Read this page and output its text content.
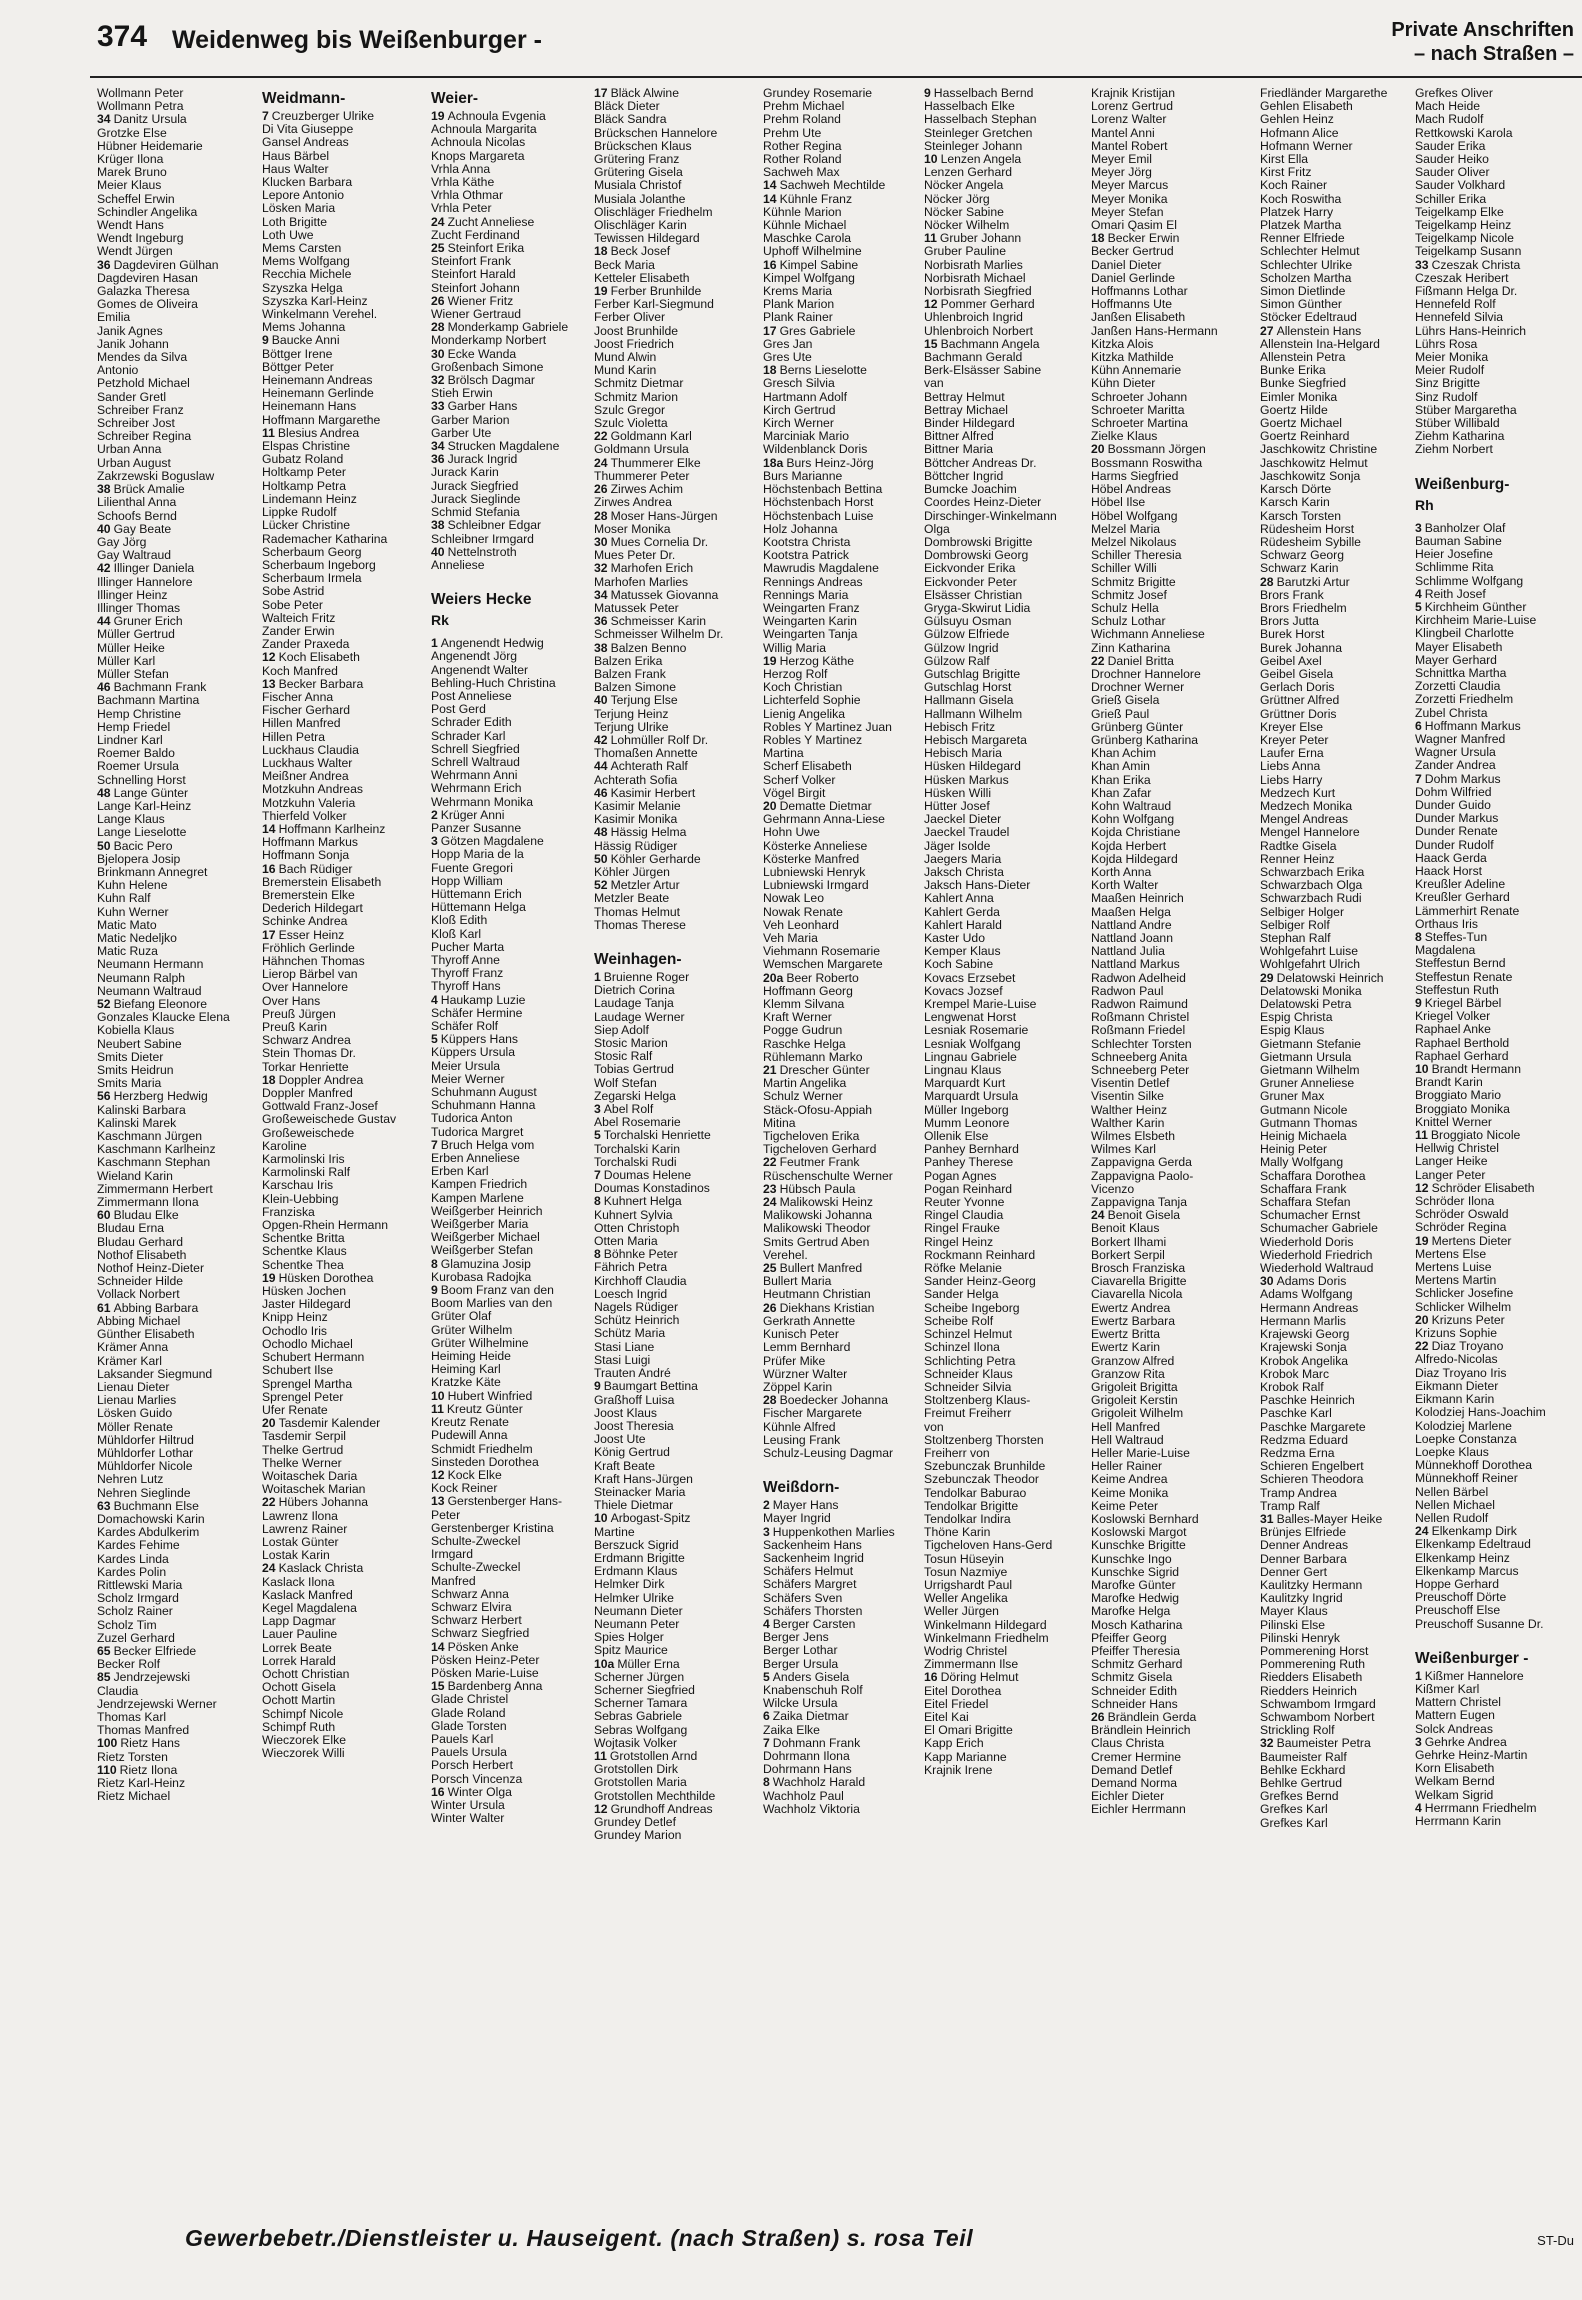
374 Weidenweg bis Weißenburger -	Private Anschriften
– nach Straßen –
Wollmann Peter
Wollmann Petra
34 Danitz Ursula
Grotzke Else
Hübner Heidemarie
Krüger Ilona
Marek Bruno
Meier Klaus
Scheffel Erwin
Schindler Angelika
Wendt Hans
Wendt Ingeburg
Wendt Jürgen
36 Dagdeviren Gülhan
Dagdeviren Hasan
Galazka Theresa
Gomes de Oliveira
Emilia
Janik Agnes
Janik Johann
Mendes da Silva
Antonio
Petzhold Michael
Sander Gretl
Schreiber Franz
Schreiber Jost
Schreiber Regina
Urban Anna
Urban August
Zakrzewski Boguslaw
38 Brück Amalie
Lilienthal Anna
Schoofs Bernd
40 Gay Beate
Gay Jörg
Gay Waltraud
42 Illinger Daniela
Illinger Hannelore
Illinger Heinz
Illinger Thomas
44 Gruner Erich
Müller Gertrud
Müller Heike
Müller Karl
Müller Stefan
46 Bachmann Frank
Bachmann Martina
Hemp Christine
Hemp Friedel
Lindner Karl
Roemer Baldo
Roemer Ursula
Schnelling Horst
48 Lange Günter
Lange Karl-Heinz
Lange Klaus
Lange Lieselotte
50 Bacic Pero
Bjelopera Josip
Brinkmann Annegret
Kuhn Helene
Kuhn Ralf
Kuhn Werner
Matic Mato
Matic Nedeljko
Matic Ruza
Neumann Hermann
Neumann Ralph
Neumann Waltraud
52 Biefang Eleonore
Gonzales Klaucke Elena
Kobiella Klaus
Neubert Sabine
Smits Dieter
Smits Heidrun
Smits Maria
56 Herzberg Hedwig
Kalinski Barbara
Kalinski Marek
Kaschmann Jürgen
Kaschmann Karlheinz
Kaschmann Stephan
Wieland Karin
Zimmermann Herbert
Zimmermann Ilona
60 Bludau Elke
Bludau Erna
Bludau Gerhard
Nothof Elisabeth
Nothof Heinz-Dieter
Schneider Hilde
Vollack Norbert
61 Abbing Barbara
Abbing Michael
Günther Elisabeth
Krämer Anna
Krämer Karl
Laksander Siegmund
Lienau Dieter
Lienau Marlies
Lösken Guido
Möller Renate
Mühldorfer Hiltrud
Mühldorfer Lothar
Mühldorfer Nicole
Nehren Lutz
Nehren Sieglinde
63 Buchmann Else
Domachowski Karin
Kardes Abdulkerim
Kardes Fehime
Kardes Linda
Kardes Polin
Rittlewski Maria
Scholz Irmgard
Scholz Rainer
Scholz Tim
Zuzel Gerhard
65 Becker Elfriede
Becker Rolf
85 Jendrzejewski
Claudia
Jendrzejewski Werner
Thomas Karl
Thomas Manfred
100 Rietz Hans
Rietz Torsten
110 Rietz Ilona
Rietz Karl-Heinz
Rietz Michael
Weidmann-
7 Creuzberger Ulrike
Di Vita Giuseppe
Gansel Andreas
Haus Bärbel
Haus Walter
Klucken Barbara
Lepore Antonio
Lösken Maria
Loth Brigitte
Loth Uwe
Mems Carsten
Mems Wolfgang
Recchia Michele
Szyszka Helga
Szyszka Karl-Heinz
Winkelmann Verehel.
Mems Johanna
9 Baucke Anni
Böttger Irene
Böttger Peter
Heinemann Andreas
Heinemann Gerlinde
Heinemann Hans
Hoffmann Margarethe
11 Blesius Andrea
Elspas Christine
Gubatz Roland
Holtkamp Peter
Holtkamp Petra
Lindemann Heinz
Lippke Rudolf
Lücker Christine
Rademacher Katharina
Scherbaum Georg
Scherbaum Ingeborg
Scherbaum Irmela
Sobe Astrid
Sobe Peter
Walteich Fritz
Zander Erwin
Zander Praxeda
12 Koch Elisabeth
Koch Manfred
13 Becker Barbara
Fischer Anna
Fischer Gerhard
Hillen Manfred
Hillen Petra
Luckhaus Claudia
Luckhaus Walter
Meißner Andrea
Motzkuhn Andreas
Motzkuhn Valeria
Thierfeld Volker
14 Hoffmann Karlheinz
Hoffmann Markus
Hoffmann Sonja
16 Bach Rüdiger
Bremerstein Elisabeth
Bremerstein Elke
Dederich Hildegart
Schinke Andrea
17 Esser Heinz
Fröhlich Gerlinde
Hähnchen Thomas
Lierop Bärbel van
Over Hannelore
Over Hans
Preuß Jürgen
Preuß Karin
Schwarz Andrea
Stein Thomas Dr.
Torkar Henriette
18 Doppler Andrea
Doppler Manfred
Gottwald Franz-Josef
Großeweischede Gustav
Großeweischede
Karoline
Karmolinski Iris
Karmolinski Ralf
Karschau Iris
Klein-Uebbing
Franziska
Opgen-Rhein Hermann
Schentke Britta
Schentke Klaus
Schentke Thea
19 Hüsken Dorothea
Hüsken Jochen
Jaster Hildegard
Knipp Heinz
Ochodlo Iris
Ochodlo Michael
Schubert Hermann
Schubert Ilse
Sprengel Martha
Sprengel Peter
Ufer Renate
20 Tasdemir Kalender
Tasdemir Serpil
Thelke Gertrud
Thelke Werner
Woitaschek Daria
Woitaschek Marian
22 Hübers Johanna
Lawrenz Ilona
Lawrenz Rainer
Lostak Günter
Lostak Karin
24 Kaslack Christa
Kaslack Ilona
Kaslack Manfred
Kegel Magdalena
Lapp Dagmar
Lauer Pauline
Lorrek Beate
Lorrek Harald
Ochott Christian
Ochott Gisela
Ochott Martin
Schimpf Nicole
Schimpf Ruth
Wieczorek Elke
Wieczorek Willi
Weier-
19 Achnoula Evgenia
Achnoula Margarita
Achnoula Nicolas
Knops Margareta
Vrhla Anna
Vrhla Käthe
Vrhla Othmar
Vrhla Peter
24 Zucht Anneliese
Zucht Ferdinand
25 Steinfort Erika
Steinfort Frank
Steinfort Harald
Steinfort Johann
26 Wiener Fritz
Wiener Gertraud
28 Monderkamp Gabriele
Monderkamp Norbert
30 Ecke Wanda
Großenbach Simone
32 Brölsch Dagmar
Stieh Erwin
33 Garber Hans
Garber Marion
Garber Ute
34 Strucken Magdalene
36 Jurack Ingrid
Jurack Karin
Jurack Siegfried
Jurack Sieglinde
Schmid Stefania
38 Schleibner Edgar
Schleibner Irmgard
40 Nettelnstroth
Anneliese
Weiers Hecke
Rk
1 Angenendt Hedwig
Angenendt Jörg
Angenendt Walter
Behling-Huch Christina
Post Anneliese
Post Gerd
Schrader Edith
Schrader Karl
Schrell Siegfried
Schrell Waltraud
Wehrmann Anni
Wehrmann Erich
Wehrmann Monika
2 Krüger Anni
Panzer Susanne
3 Götzen Magdalene
Hopp Maria de la
Fuente Gregori
Hopp William
Hüttemann Erich
Hüttemann Helga
Kloß Edith
Kloß Karl
Pucher Marta
Thyroff Anne
Thyroff Franz
Thyroff Hans
4 Haukamp Luzie
Schäfer Hermine
Schäfer Rolf
5 Küppers Hans
Küppers Ursula
Meier Ursula
Meier Werner
Schuhmann August
Schuhmann Hanna
Tudorica Anton
Tudorica Margret
7 Bruch Helga vom
Erben Anneliese
Erben Karl
Kampen Friedrich
Kampen Marlene
Weißgerber Heinrich
Weißgerber Maria
Weißgerber Michael
Weißgerber Stefan
8 Glamuzina Josip
Kurobasa Radojka
9 Boom Franz van den
Boom Marlies van den
Grüter Olaf
Grüter Wilhelm
Grüter Wilhelmine
Heiming Heide
Heiming Karl
Kratzke Käte
10 Hubert Winfried
11 Kreutz Günter
Kreutz Renate
Pudewill Anna
Schmidt Friedhelm
Sinsteden Dorothea
12 Kock Elke
Kock Reiner
13 Gerstenberger Hans-
Peter
Gerstenberger Kristina
Schulte-Zweckel
Irmgard
Schulte-Zweckel
Manfred
Schwarz Anna
Schwarz Elvira
Schwarz Herbert
Schwarz Siegfried
14 Pösken Anke
Pösken Heinz-Peter
Pösken Marie-Luise
15 Bardenberg Anna
Glade Christel
Glade Roland
Glade Torsten
Pauels Karl
Pauels Ursula
Porsch Herbert
Porsch Vincenza
16 Winter Olga
Winter Ursula
Winter Walter
17 Bläck Alwine
Bläck Dieter
Bläck Sandra
Brückschen Hannelore
Brückschen Klaus
Grütering Franz
Grütering Gisela
Musiala Christof
Musiala Jolanthe
Olischläger Friedhelm
Olischläger Karin
Tewissen Hildegard
18 Beck Josef
Beck Maria
Ketteler Elisabeth
19 Ferber Brunhilde
Ferber Karl-Siegmund
Ferber Oliver
Joost Brunhilde
Joost Friedrich
Mund Alwin
Mund Karin
Schmitz Dietmar
Schmitz Marion
Szulc Gregor
Szulc Violetta
22 Goldmann Karl
Goldmann Ursula
24 Thummerer Elke
Thummerer Peter
26 Zirwes Achim
Zirwes Andrea
28 Moser Hans-Jürgen
Moser Monika
30 Mues Cornelia Dr.
Mues Peter Dr.
32 Marhofen Erich
Marhofen Marlies
34 Matussek Giovanna
Matussek Peter
36 Schmeisser Karin
Schmeisser Wilhelm Dr.
38 Balzen Benno
Balzen Erika
Balzen Frank
Balzen Simone
40 Terjung Else
Terjung Heinz
Terjung Ulrike
42 Lohmüller Rolf Dr.
Thomaßen Annette
44 Achterath Ralf
Achterath Sofia
46 Kasimir Herbert
Kasimir Melanie
Kasimir Monika
48 Hässig Helma
Hässig Rüdiger
50 Köhler Gerharde
Köhler Jürgen
52 Metzler Artur
Metzler Beate
Thomas Helmut
Thomas Therese
Weinhagen-
1 Bruienne Roger
Dietrich Corina
Laudage Tanja
Laudage Werner
Siep Adolf
Stosic Marion
Stosic Ralf
Tobias Gertrud
Wolf Stefan
Zegarski Helga
3 Abel Rolf
Abel Rosemarie
5 Torchalski Henriette
Torchalski Karin
Torchalski Rudi
7 Doumas Helene
Doumas Konstadinos
8 Kuhnert Helga
Kuhnert Sylvia
Otten Christoph
Otten Maria
8 Böhnke Peter
Fährich Petra
Kirchhoff Claudia
Loesch Ingrid
Nagels Rüdiger
Schütz Heinrich
Schütz Maria
Stasi Liane
Stasi Luigi
Trauten André
9 Baumgart Bettina
Graßhoff Luisa
Joost Klaus
Joost Theresia
Joost Ute
König Gertrud
Kraft Beate
Kraft Hans-Jürgen
Steinacker Maria
Thiele Dietmar
10 Arbogast-Spitz
Martine
Berszuck Sigrid
Erdmann Brigitte
Erdmann Klaus
Helmker Dirk
Helmker Ulrike
Neumann Dieter
Neumann Peter
Spies Holger
Spitz Maurice
10a Müller Erna
Scherner Jürgen
Scherner Siegfried
Scherner Tamara
Sebras Gabriele
Sebras Wolfgang
Wojtasik Volker
11 Grotstollen Arnd
Grotstollen Dirk
Grotstollen Maria
Grotstollen Mechthilde
12 Grundhoff Andreas
Grundey Detlef
Grundey Marion
Grundey Rosemarie
Prehm Michael
Prehm Roland
Prehm Ute
Rother Regina
Rother Roland
Sachweh Max
14 Sachweh Mechtilde
14 Kühnle Franz
Kühnle Marion
Kühnle Michael
Maschke Carola
Uphoff Wilhelmine
16 Kimpel Sabine
Kimpel Wolfgang
Krems Maria
Plank Marion
Plank Rainer
17 Gres Gabriele
Gres Jan
Gres Ute
18 Berns Lieselotte
Gresch Silvia
Hartmann Adolf
Kirch Gertrud
Kirch Werner
Marciniak Mario
Wildenblanck Doris
18a Burs Heinz-Jörg
Burs Marianne
Höchstenbach Bettina
Höchstenbach Horst
Höchstenbach Luise
Holz Johanna
Kootstra Christa
Kootstra Patrick
Mawrudis Magdalene
Rennings Andreas
Rennings Maria
Weingarten Franz
Weingarten Karin
Weingarten Tanja
Willig Maria
19 Herzog Käthe
Herzog Rolf
Koch Christian
Lichterfeld Sophie
Lienig Angelika
Robles Y Martinez Juan
Robles Y Martinez
Martina
Scherf Elisabeth
Scherf Volker
Vögel Birgit
20 Dematte Dietmar
Gehrmann Anna-Liese
Hohn Uwe
Kösterke Anneliese
Kösterke Manfred
Lubniewski Henryk
Lubniewski Irmgard
Nowak Leo
Nowak Renate
Veh Leonhard
Veh Maria
Viehmann Rosemarie
Wemschen Margarete
20a Beer Roberto
Hoffmann Georg
Klemm Silvana
Kraft Werner
Pogge Gudrun
Raschke Helga
Rühlemann Marko
21 Drescher Günter
Martin Angelika
Schulz Werner
Stäck-Ofosu-Appiah
Mitina
Tigcheloven Erika
Tigcheloven Gerhard
22 Feutmer Frank
Rüschenschulte Werner
23 Hübsch Paula
24 Malikowski Heinz
Malikowski Johanna
Malikowski Theodor
Smits Gertrud Aben
Verehel.
25 Bullert Manfred
Bullert Maria
Heutmann Christian
26 Diekhans Kristian
Gerkrath Annette
Kunisch Peter
Lemm Bernhard
Prüfer Mike
Würzner Walter
Zöppel Karin
28 Boedecker Johanna
Fischer Margarete
Kühnle Alfred
Leusing Frank
Schulz-Leusing Dagmar
Weißdorn-
2 Mayer Hans
Mayer Ingrid
3 Huppenkothen Marlies
Sackenheim Hans
Sackenheim Ingrid
Schäfers Helmut
Schäfers Margret
Schäfers Sven
Schäfers Thorsten
4 Berger Carsten
Berger Jens
Berger Lothar
Berger Ursula
5 Anders Gisela
Knabenschuh Rolf
Wilcke Ursula
6 Zaika Dietmar
Zaika Elke
7 Dohmann Frank
Dohrmann Ilona
Dohrmann Hans
8 Wachholz Harald
Wachholz Paul
Wachholz Viktoria
9 Hasselbach Bernd
Hasselbach Elke
Hasselbach Stephan
Steinleger Gretchen
Steinleger Johann
10 Lenzen Angela
Lenzen Gerhard
Nöcker Angela
Nöcker Jörg
Nöcker Sabine
Nöcker Wilhelm
11 Gruber Johann
Gruber Pauline
Norbisrath Marlies
Norbisrath Michael
Norbisrath Siegfried
12 Pommer Gerhard
Uhlenbroich Ingrid
Uhlenbroich Norbert
15 Bachmann Angela
Bachmann Gerald
Berk-Elsässer Sabine
van
Bettray Helmut
Bettray Michael
Binder Hildegard
Bittner Alfred
Bittner Maria
Böttcher Andreas Dr.
Böttcher Ingrid
Bumcke Joachim
Coordes Heinz-Dieter
Dirschinger-Winkelmann
Olga
Dombrowski Brigitte
Dombrowski Georg
Eickvonder Erika
Eickvonder Peter
Elsässer Christian
Gryga-Skwirut Lidia
Gülsuyu Osman
Gülzow Elfriede
Gülzow Ingrid
Gülzow Ralf
Gutschlag Brigitte
Gutschlag Horst
Hallmann Gisela
Hallmann Wilhelm
Hebisch Fritz
Hebisch Margareta
Hebisch Maria
Hüsken Hildegard
Hüsken Markus
Hüsken Willi
Hütter Josef
Jaeckel Dieter
Jaeckel Traudel
Jäger Isolde
Jaegers Maria
Jaksch Christa
Jaksch Hans-Dieter
Kahlert Anna
Kahlert Gerda
Kahlert Harald
Kaster Udo
Kemper Klaus
Koch Sabine
Kovacs Erzsebet
Kovacs Jozsef
Krempel Marie-Luise
Lengwenat Horst
Lesniak Rosemarie
Lesniak Wolfgang
Lingnau Gabriele
Lingnau Klaus
Marquardt Kurt
Marquardt Ursula
Müller Ingeborg
Mumm Leonore
Ollenik Else
Panhey Bernhard
Panhey Therese
Pogan Agnes
Pogan Reinhard
Reuter Yvonne
Ringel Claudia
Ringel Frauke
Ringel Heinz
Rockmann Reinhard
Röfke Melanie
Sander Heinz-Georg
Sander Helga
Scheibe Ingeborg
Scheibe Rolf
Schinzel Helmut
Schinzel Ilona
Schlichting Petra
Schneider Klaus
Schneider Silvia
Stoltzenberg Klaus-
Freimut Freiherr
von
Stoltzenberg Thorsten
Freiherr von
Szebunczak Brunhilde
Szebunczak Theodor
Tendolkar Baburao
Tendolkar Brigitte
Tendolkar Indira
Thöne Karin
Tigcheloven Hans-Gerd
Tosun Hüseyin
Tosun Nazmiye
Urrigshardt Paul
Weller Angelika
Weller Jürgen
Winkelmann Hildegard
Winkelmann Friedhelm
Wodrig Christel
Zimmermann Ilse
16 Döring Helmut
Eitel Dorothea
Eitel Friedel
Eitel Kai
El Omari Brigitte
Kapp Erich
Kapp Marianne
Krajnik Irene
Krajnik Kristijan
Lorenz Gertrud
Lorenz Walter
Mantel Anni
Mantel Robert
Meyer Emil
Meyer Jörg
Meyer Marcus
Meyer Monika
Meyer Stefan
Omari Qasim El
18 Becker Erwin
Becker Gertrud
Daniel Dieter
Daniel Gerlinde
Hoffmanns Lothar
Hoffmanns Ute
Janßen Elisabeth
Janßen Hans-Hermann
Kitzka Alois
Kitzka Mathilde
Kühn Annemarie
Kühn Dieter
Schroeter Johann
Schroeter Maritta
Schroeter Martina
Zielke Klaus
20 Bossmann Jörgen
Bossmann Roswitha
Harms Siegfried
Höbel Andreas
Höbel Ilse
Höbel Wolfgang
Melzel Maria
Melzel Nikolaus
Schiller Theresia
Schiller Willi
Schmitz Brigitte
Schmitz Josef
Schulz Hella
Schulz Lothar
Wichmann Anneliese
Zinn Katharina
22 Daniel Britta
Drochner Hannelore
Drochner Werner
Grieß Gisela
Grieß Paul
Grünberg Günter
Grünberg Katharina
Khan Achim
Khan Amin
Khan Erika
Khan Zafar
Kohn Waltraud
Kohn Wolfgang
Kojda Christiane
Kojda Herbert
Kojda Hildegard
Korth Anna
Korth Walter
Maaßen Heinrich
Maaßen Helga
Nattland Andre
Nattland Joann
Nattland Julia
Nattland Markus
Radwon Adelheid
Radwon Paul
Radwon Raimund
Roßmann Christel
Roßmann Friedel
Schlechter Torsten
Schneeberg Anita
Schneeberg Peter
Visentin Detlef
Visentin Silke
Walther Heinz
Walther Karin
Wilmes Elsbeth
Wilmes Karl
Zappavigna Gerda
Zappavigna Paolo-
Vicenzo
Zappavigna Tanja
24 Benoit Gisela
Benoit Klaus
Borkert Ilhami
Borkert Serpil
Brosch Franziska
Ciavarella Brigitte
Ciavarella Nicola
Ewertz Andrea
Ewertz Barbara
Ewertz Britta
Ewertz Karin
Granzow Alfred
Granzow Rita
Grigoleit Brigitta
Grigoleit Kerstin
Grigoleit Wilhelm
Hell Manfred
Hell Waltraud
Heller Marie-Luise
Heller Rainer
Keime Andrea
Keime Monika
Keime Peter
Koslowski Bernhard
Koslowski Margot
Kunschke Brigitte
Kunschke Ingo
Kunschke Sigrid
Marofke Günter
Marofke Hedwig
Marofke Helga
Mosch Katharina
Pfeiffer Georg
Pfeiffer Theresia
Schmitz Gerhard
Schmitz Gisela
Schneider Edith
Schneider Hans
26 Brändlein Gerda
Brändlein Heinrich
Claus Christa
Cremer Hermine
Demand Detlef
Demand Norma
Eichler Dieter
Eichler Herrmann
Friedländer Margarethe
Gehlen Elisabeth
Gehlen Heinz
Hofmann Alice
Hofmann Werner
Kirst Ella
Kirst Fritz
Koch Rainer
Koch Roswitha
Platzek Harry
Platzek Martha
Renner Elfriede
Schlechter Helmut
Schlechter Ulrike
Scholzen Martha
Simon Dietlinde
Simon Günther
Stöcker Edeltraud
27 Allenstein Hans
Allenstein Ina-Helgard
Allenstein Petra
Bunke Erika
Bunke Siegfried
Eimler Monika
Goertz Hilde
Goertz Michael
Goertz Reinhard
Jaschkowitz Christine
Jaschkowitz Helmut
Jaschkowitz Sonja
Karsch Dörte
Karsch Karin
Karsch Torsten
Rüdesheim Horst
Rüdesheim Sybille
Schwarz Georg
Schwarz Karin
28 Barutzki Artur
Brors Frank
Brors Friedhelm
Brors Jutta
Burek Horst
Burek Johanna
Geibel Axel
Geibel Gisela
Gerlach Doris
Grüttner Alfred
Grüttner Doris
Kreyer Else
Kreyer Peter
Laufer Erna
Liebs Anna
Liebs Harry
Medzech Kurt
Medzech Monika
Mengel Andreas
Mengel Hannelore
Radtke Gisela
Renner Heinz
Schwarzbach Erika
Schwarzbach Olga
Schwarzbach Rudi
Selbiger Holger
Selbiger Rolf
Stephan Ralf
Wohlgefahrt Luise
Wohlgefahrt Ulrich
29 Delatowski Heinrich
Delatowski Monika
Delatowski Petra
Espig Christa
Espig Klaus
Gietmann Stefanie
Gietmann Ursula
Gietmann Wilhelm
Gruner Anneliese
Gruner Max
Gutmann Nicole
Gutmann Thomas
Heinig Michaela
Heinig Peter
Mally Wolfgang
Schaffara Dorothea
Schaffara Frank
Schaffara Stefan
Schumacher Ernst
Schumacher Gabriele
Wiederhold Doris
Wiederhold Friedrich
Wiederhold Waltraud
30 Adams Doris
Adams Wolfgang
Hermann Andreas
Hermann Marlis
Krajewski Georg
Krajewski Sonja
Krobok Angelika
Krobok Marc
Krobok Ralf
Paschke Heinrich
Paschke Karl
Paschke Margarete
Redzma Eduard
Redzma Erna
Schieren Engelbert
Schieren Theodora
Tramp Andrea
Tramp Ralf
31 Balles-Mayer Heike
Brünjes Elfriede
Denner Andreas
Denner Barbara
Denner Gert
Kaulitzky Hermann
Kaulitzky Ingrid
Mayer Klaus
Pilinski Else
Pilinski Henryk
Pommerening Horst
Pommerening Ruth
Riedders Elisabeth
Riedders Heinrich
Schwambom Irmgard
Schwambom Norbert
Strickling Rolf
32 Baumeister Petra
Baumeister Ralf
Behlke Eckhard
Behlke Gertrud
Grefkes Bernd
Grefkes Karl
Grefkes Karl
Grefkes Oliver
Mach Heide
Mach Rudolf
Rettkowski Karola
Sauder Erika
Sauder Heiko
Sauder Oliver
Sauder Volkhard
Schiller Erika
Teigelkamp Elke
Teigelkamp Heinz
Teigelkamp Nicole
Teigelkamp Susann
33 Czeszak Christa
Czeszak Heribert
Fißmann Helga Dr.
Hennefeld Rolf
Hennefeld Silvia
Lührs Hans-Heinrich
Lührs Rosa
Meier Monika
Meier Rudolf
Sinz Brigitte
Sinz Rudolf
Stüber Margaretha
Stüber Willibald
Ziehm Katharina
Ziehm Norbert
Weißenburg-
Rh
3 Banholzer Olaf
Bauman Sabine
Heier Josefine
Schlimme Rita
Schlimme Wolfgang
4 Reith Josef
5 Kirchheim Günther
Kirchheim Marie-Luise
Klingbeil Charlotte
Mayer Elisabeth
Mayer Gerhard
Schnittka Martha
Zorzetti Claudia
Zorzetti Friedhelm
Zubel Christa
6 Hoffmann Markus
Wagner Manfred
Wagner Ursula
Zander Andrea
7 Dohm Markus
Dohm Wilfried
Dunder Guido
Dunder Markus
Dunder Renate
Dunder Rudolf
Haack Gerda
Haack Horst
Kreußler Adeline
Kreußler Gerhard
Lämmerhirt Renate
Orthaus Iris
8 Steffes-Tun
Magdalena
Steffestun Bernd
Steffestun Renate
Steffestun Ruth
9 Kriegel Bärbel
Kriegel Volker
Raphael Anke
Raphael Berthold
Raphael Gerhard
10 Brandt Hermann
Brandt Karin
Broggiato Mario
Broggiato Monika
Knittel Werner
11 Broggiato Nicole
Hellwig Christel
Langer Heike
Langer Peter
12 Schröder Elisabeth
Schröder Ilona
Schröder Oswald
Schröder Regina
19 Mertens Dieter
Mertens Else
Mertens Luise
Mertens Martin
Schlicker Josefine
Schlicker Wilhelm
20 Krizuns Peter
Krizuns Sophie
22 Diaz Troyano
Alfredo-Nicolas
Diaz Troyano Iris
Eikmann Dieter
Eikmann Karin
Kolodziej Hans-Joachim
Kolodziej Marlene
Loepke Constanza
Loepke Klaus
Münnekhoff Dorothea
Münnekhoff Reiner
Nellen Bärbel
Nellen Michael
Nellen Rudolf
24 Elkenkamp Dirk
Elkenkamp Edeltraud
Elkenkamp Heinz
Elkenkamp Marcus
Hoppe Gerhard
Preuschoff Dörte
Preuschoff Else
Preuschoff Susanne Dr.
Weißenburger -
1 Kißmer Hannelore
Kißmer Karl
Mattern Christel
Mattern Eugen
Solck Andreas
3 Gehrke Andrea
Gehrke Heinz-Martin
Korn Elisabeth
Welkam Bernd
Welkam Sigrid
4 Herrmann Friedhelm
Herrmann Karin
Gewerbebetr./Dienstleister u. Hauseigent. (nach Straßen) s. rosa Teil	ST-Du
